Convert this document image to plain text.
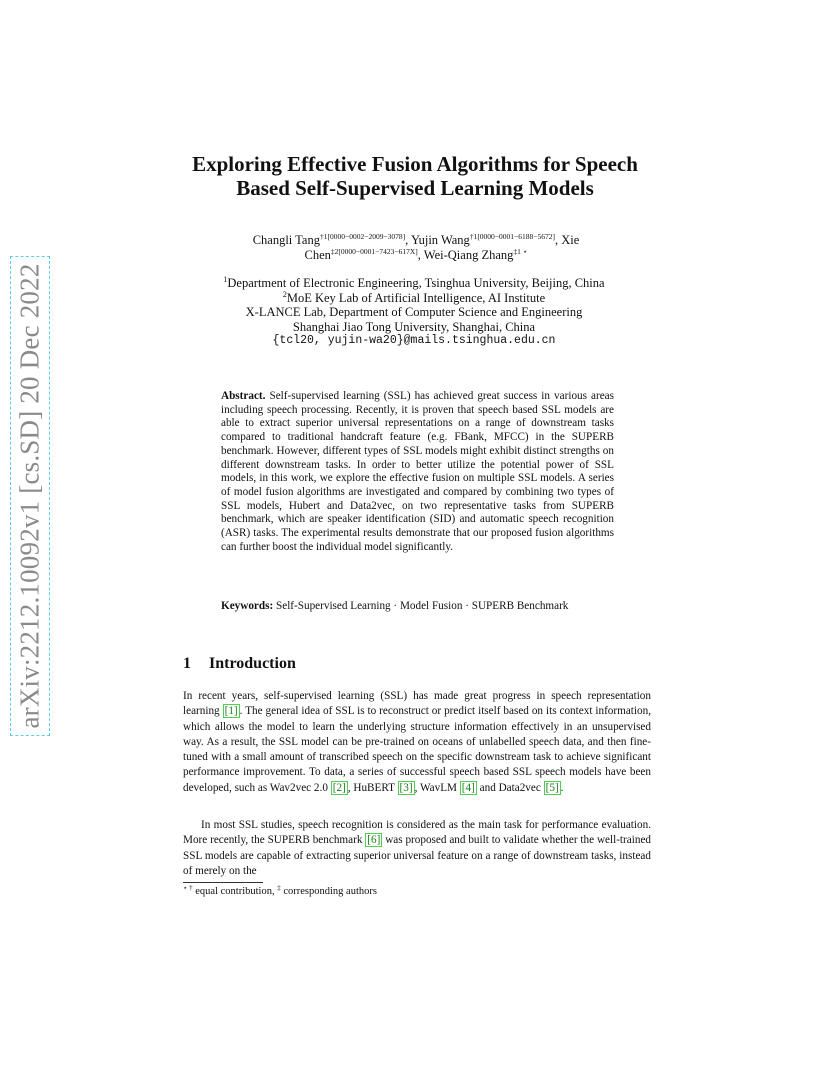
arXiv:2212.10092v1 [cs.SD] 20 Dec 2022
Exploring Effective Fusion Algorithms for Speech
Based Self-Supervised Learning Models
Changli Tang$^{\dagger 1[0000-0002-2009-3078]}$, Yujin Wang$^{\dagger 1[0000-0001-6188-5672]}$, Xie
Chen$^{\ddagger 2[0000-0001-7423-617X]}$, Wei-Qiang Zhang$^{\ddagger 1 ⋆}$
$^1$Department of Electronic Engineering, Tsinghua University, Beijing, China
$^2$MoE Key Lab of Artificial Intelligence, AI Institute
X-LANCE Lab, Department of Computer Science and Engineering
Shanghai Jiao Tong University, Shanghai, China
{tcl20, yujin-wa20}@mails.tsinghua.edu.cn
Abstract. Self-supervised learning (SSL) has achieved great success in various areas including speech processing. Recently, it is proven that speech based SSL models are able to extract superior universal representations on a range of downstream tasks compared to traditional handcraft feature (e.g. FBank, MFCC) in the SUPERB benchmark. However, different types of SSL models might exhibit distinct strengths on different downstream tasks. In order to better utilize the potential power of SSL models, in this work, we explore the effective fusion on multiple SSL models. A series of model fusion algorithms are investigated and compared by combining two types of SSL models, Hubert and Data2vec, on two representative tasks from SUPERB benchmark, which are speaker identification (SID) and automatic speech recognition (ASR) tasks. The experimental results demonstrate that our proposed fusion algorithms can further boost the individual model significantly.
Keywords: Self-Supervised Learning · Model Fusion · SUPERB Benchmark
1 Introduction
In recent years, self-supervised learning (SSL) has made great progress in speech representation learning [1] . The general idea of SSL is to reconstruct or predict itself based on its context information, which allows the model to learn the underlying structure information effectively in an unsupervised way. As a result, the SSL model can be pre-trained on oceans of unlabelled speech data, and then fine-tuned with a small amount of transcribed speech on the specific downstream task to achieve significant performance improvement. To data, a series of successful speech based SSL speech models have been developed, such as Wav2vec 2.0 [2] , HuBERT [3] , WavLM [4] and Data2vec [5] .
In most SSL studies, speech recognition is considered as the main task for performance evaluation. More recently, the SUPERB benchmark [6] was proposed and built to validate whether the well-trained SSL models are capable of extracting superior universal feature on a range of downstream tasks, instead of merely on the
⋆ † equal contribution, ‡ corresponding authors
